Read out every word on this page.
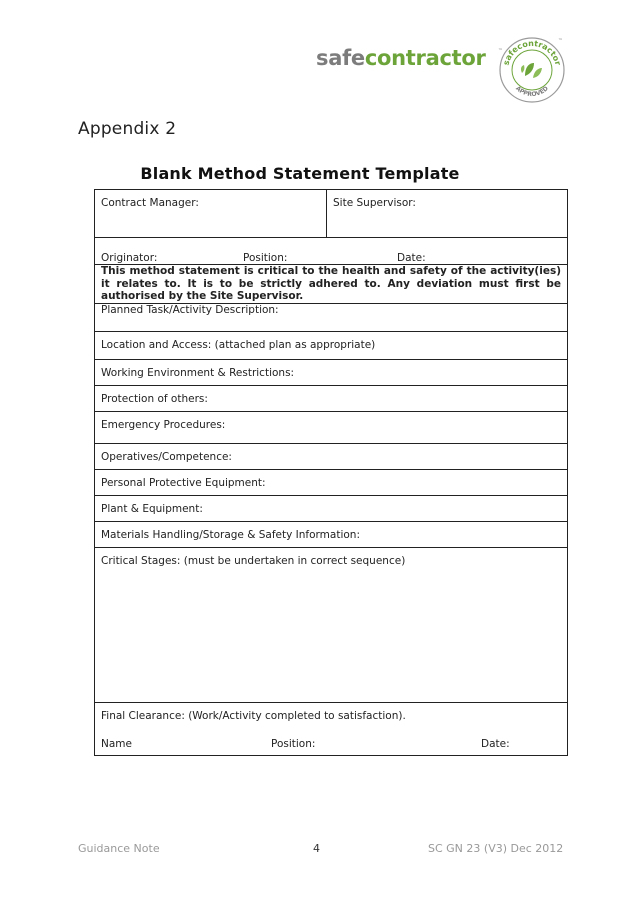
safecontractor ™
safecontractor
APPROVED
™
Appendix 2
Blank Method Statement Template
Contract Manager:	Site Supervisor:
Originator:	Position:	Date:
This method statement is critical to the health and safety of the activity(ies) it relates to. It is to be strictly adhered to. Any deviation must first be authorised by the Site Supervisor.
Planned Task/Activity Description:
Location and Access: (attached plan as appropriate)
Working Environment & Restrictions:
Protection of others:
Emergency Procedures:
Operatives/Competence:
Personal Protective Equipment:
Plant & Equipment:
Materials Handling/Storage & Safety Information:
Critical Stages: (must be undertaken in correct sequence)

Final Clearance: (Work/Activity completed to satisfaction).
Name	Position:	Date:
Guidance Note	4	SC GN 23 (V3) Dec 2012
